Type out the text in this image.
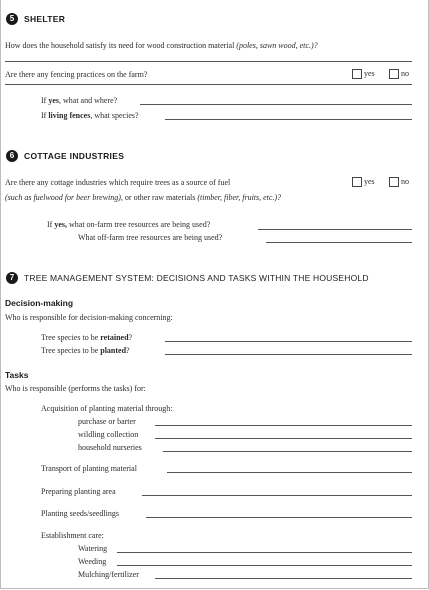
5	SHELTER
How does the household satisfy its need for wood construction material (poles, sawn wood, etc.)?
Are there any fencing practices on the farm?	yes	no
If yes, what and where?
If living fences, what species?
6	COTTAGE INDUSTRIES
Are there any cottage industries which require trees as a source of fuel	yes	no
(such as fuelwood for beer brewing), or other raw materials (timber, fiber, fruits, etc.)?
If yes, what on-farm tree resources are being used?
What off-farm tree resources are being used?
7	TREE MANAGEMENT SYSTEM: DECISIONS AND TASKS WITHIN THE HOUSEHOLD
Decision-making
Who is responsible for decision-making concerning:
Tree species to be retained?
Tree species to be planted?
Tasks
Who is responsible (performs the tasks) for:
Acquisition of planting material through:
purchase or barter
wildling collection
household nurseries
Transport of planting material
Preparing planting area
Planting seeds/seedlings
Establishment care:
Watering
Weeding
Mulching/fertilizer
